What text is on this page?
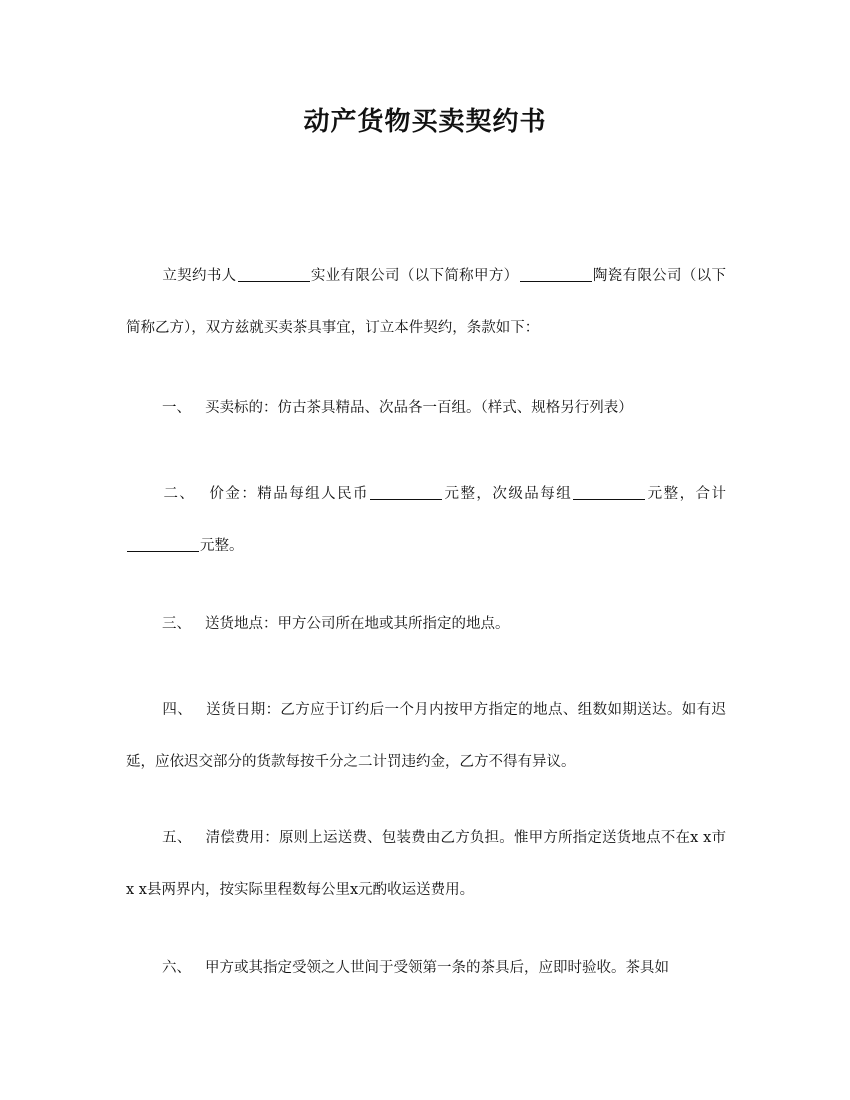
动产货物买卖契约书
立契约书人	实业有限公司（以下简称甲方）	陶瓷有限公司（以下简称乙方），双方兹就买卖茶具事宜，订立本件契约，条款如下：
一、 买卖标的：仿古茶具精品、次品各一百组。（样式、规格另行列表）
二、 价金：精品每组人民币	元整，次级品每组	元整，合计元整。
三、 送货地点：甲方公司所在地或其所指定的地点。
四、 送货日期：乙方应于订约后一个月内按甲方指定的地点、组数如期送达。如有迟延，应依迟交部分的货款每按千分之二计罚违约金，乙方不得有异议。
五、 清偿费用：原则上运送费、包装费由乙方负担。惟甲方所指定送货地点不在x x市x x县两界内，按实际里程数每公里x元酌收运送费用。
六、 甲方或其指定受领之人世间于受领第一条的茶具后，应即时验收。茶具如
